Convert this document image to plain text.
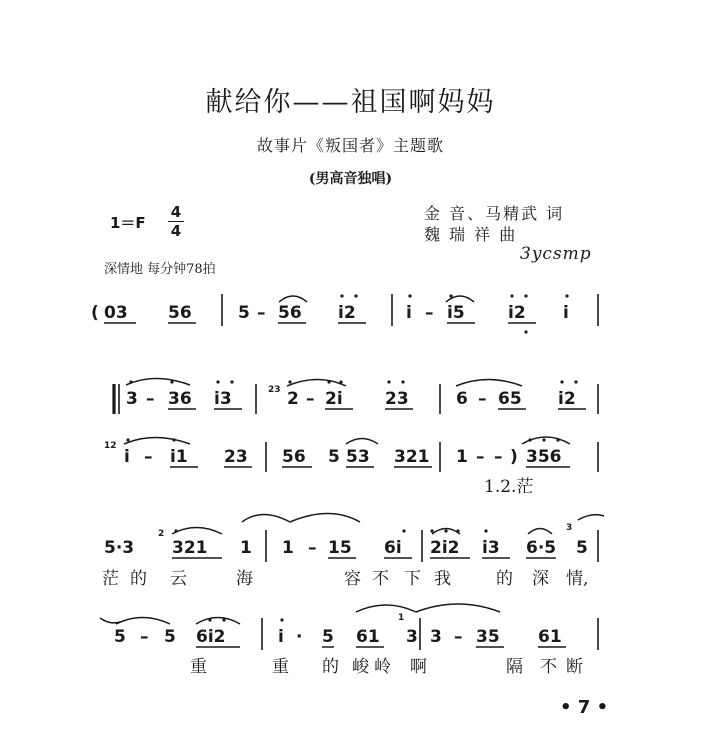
献给你——祖国啊妈妈
故事片《叛国者》主题歌
(男高音独唱)
1＝F
4
4
金 音、马精武 词
魏 瑞 祥 曲
3ycsmp
深情地 每分钟78拍
( 03 56	5 – 56 i2	i – i5	i2 i
3 – 36 i3	23 2 – 2i 23	6 – 65 i2
12
i – i1 23 56 5 53 321 1 – – ) 356
1.2.茫
5·3
2
321 1 1 – 15 6i 2i2 i3 6·5
3
5
茫 的 云	海	容 不 下 我	的 深 情,
5 – 5 6i2	i · 5 61
1
3 3 – 35 61
重	重 的 峻 岭 啊	隔 不 断
• 7 •
